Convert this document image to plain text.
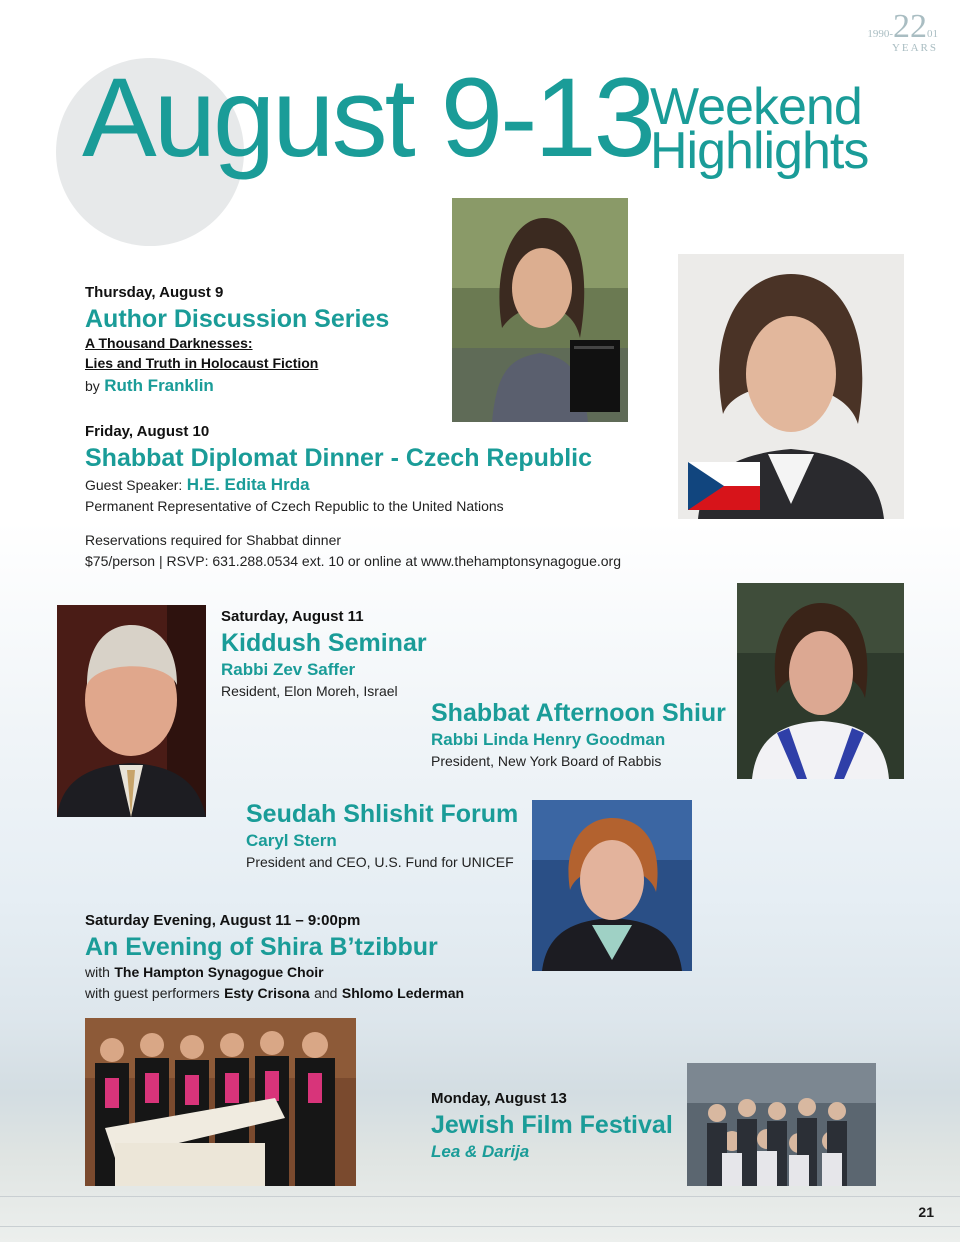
August 9-13
Weekend
Highlights
1990-2201
YEARS
Thursday, August 9
Author Discussion Series
A Thousand Darknesses:
Lies and Truth in Holocaust Fiction
by Ruth Franklin
Friday, August 10
Shabbat Diplomat Dinner - Czech Republic
Guest Speaker: H.E. Edita Hrda
Permanent Representative of Czech Republic to the United Nations
Reservations required for Shabbat dinner
$75/person | RSVP: 631.288.0534 ext. 10 or online at www.thehamptonsynagogue.org
Saturday, August 11
Kiddush Seminar
Rabbi Zev Saffer
Resident, Elon Moreh, Israel
Shabbat Afternoon Shiur
Rabbi Linda Henry Goodman
President, New York Board of Rabbis
Seudah Shlishit Forum
Caryl Stern
President and CEO, U.S. Fund for UNICEF
Saturday Evening, August 11 – 9:00pm
An Evening of Shira B’tzibbur
with The Hampton Synagogue Choir
with guest performers Esty Crisona and Shlomo Lederman
Monday, August 13
Jewish Film Festival
Lea & Darija
21
